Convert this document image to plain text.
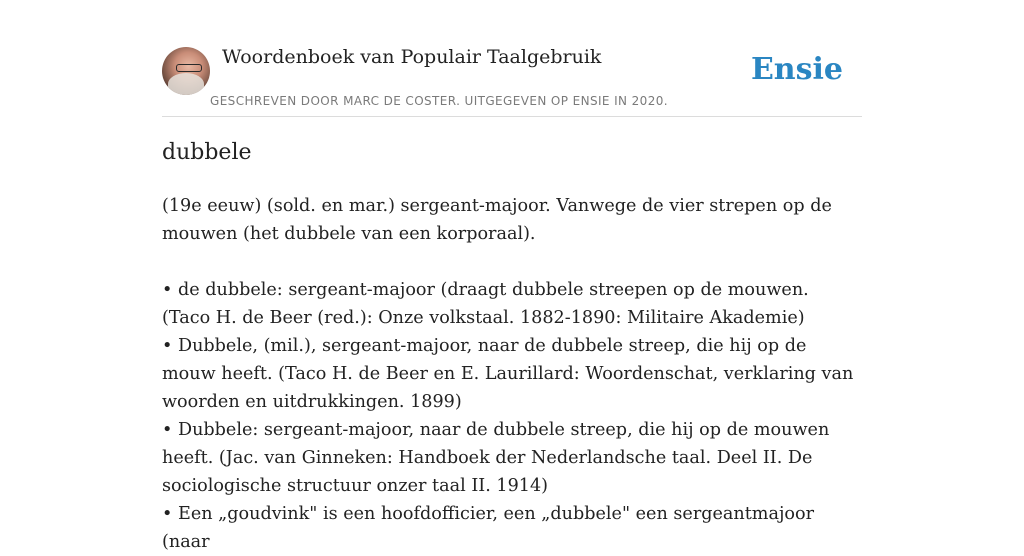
Woordenboek van Populair Taalgebruik
GESCHREVEN DOOR MARC DE COSTER. UITGEGEVEN OP ENSIE IN 2020.
Ensie
dubbele

(19e eeuw) (sold. en mar.) sergeant-majoor. Vanwege de vier strepen op de mouwen (het dubbele van een korporaal).

• de dubbele: sergeant-majoor (draagt dubbele streepen op de mouwen. (Taco H. de Beer (red.): Onze volkstaal. 1882-1890: Militaire Akademie)

• Dubbele, (mil.), sergeant-majoor, naar de dubbele streep, die hij op de mouw heeft. (Taco H. de Beer en E. Laurillard: Woordenschat, verklaring van woorden en uitdrukkingen. 1899)

• Dubbele: sergeant-majoor, naar de dubbele streep, die hij op de mouwen heeft. (Jac. van Ginneken: Handboek der Nederlandsche taal. Deel II. De sociologische structuur onzer taal II. 1914)

• Een „goudvink" is een hoofdofficier, een „dubbele" een sergeantmajoor (naar
